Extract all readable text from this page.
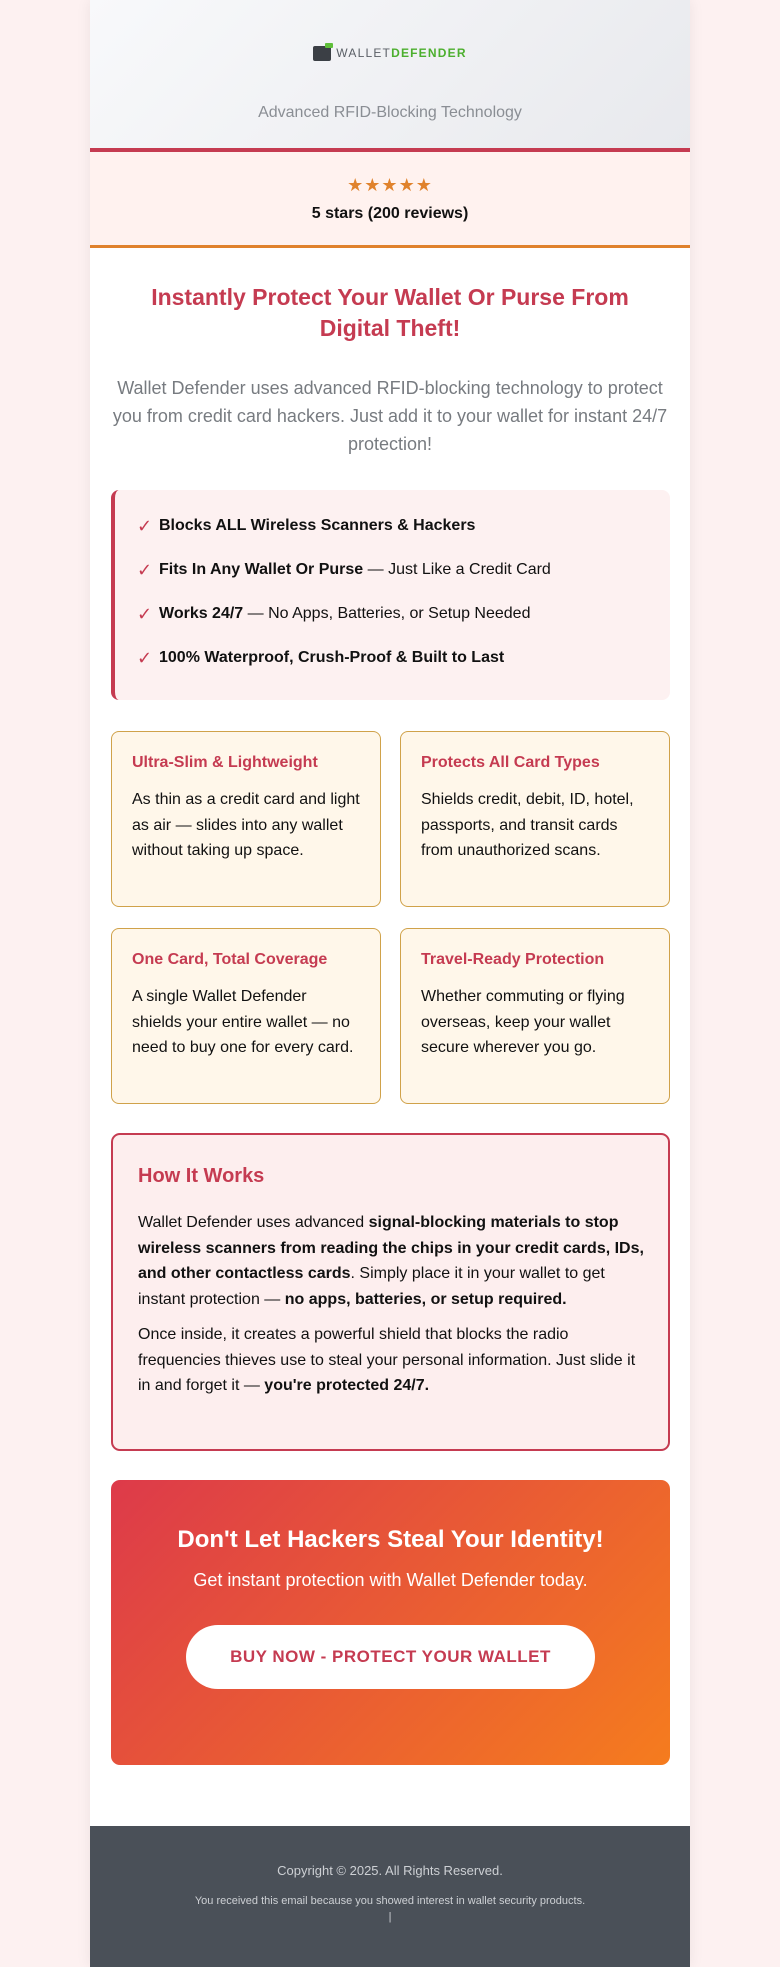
WALLET DEFENDER
Advanced RFID-Blocking Technology
★★★★★
5 stars (200 reviews)
Instantly Protect Your Wallet Or Purse From Digital Theft!
Wallet Defender uses advanced RFID-blocking technology to protect you from credit card hackers. Just add it to your wallet for instant 24/7 protection!
✓ Blocks ALL Wireless Scanners & Hackers
✓ Fits In Any Wallet Or Purse — Just Like a Credit Card
✓ Works 24/7 — No Apps, Batteries, or Setup Needed
✓ 100% Waterproof, Crush-Proof & Built to Last
Ultra-Slim & Lightweight

As thin as a credit card and light as air — slides into any wallet without taking up space.

Protects All Card Types

Shields credit, debit, ID, hotel, passports, and transit cards from unauthorized scans.

One Card, Total Coverage

A single Wallet Defender shields your entire wallet — no need to buy one for every card.

Travel-Ready Protection

Whether commuting or flying overseas, keep your wallet secure wherever you go.

How It Works

Wallet Defender uses advanced signal-blocking materials to stop wireless scanners from reading the chips in your credit cards, IDs, and other contactless cards. Simply place it in your wallet to get instant protection — no apps, batteries, or setup required.

Once inside, it creates a powerful shield that blocks the radio frequencies thieves use to steal your personal information. Just slide it in and forget it — you're protected 24/7.

Don't Let Hackers Steal Your Identity!

Get instant protection with Wallet Defender today.

BUY NOW - PROTECT YOUR WALLET
Copyright © 2025. All Rights Reserved.
You received this email because you showed interest in wallet security products.
|
